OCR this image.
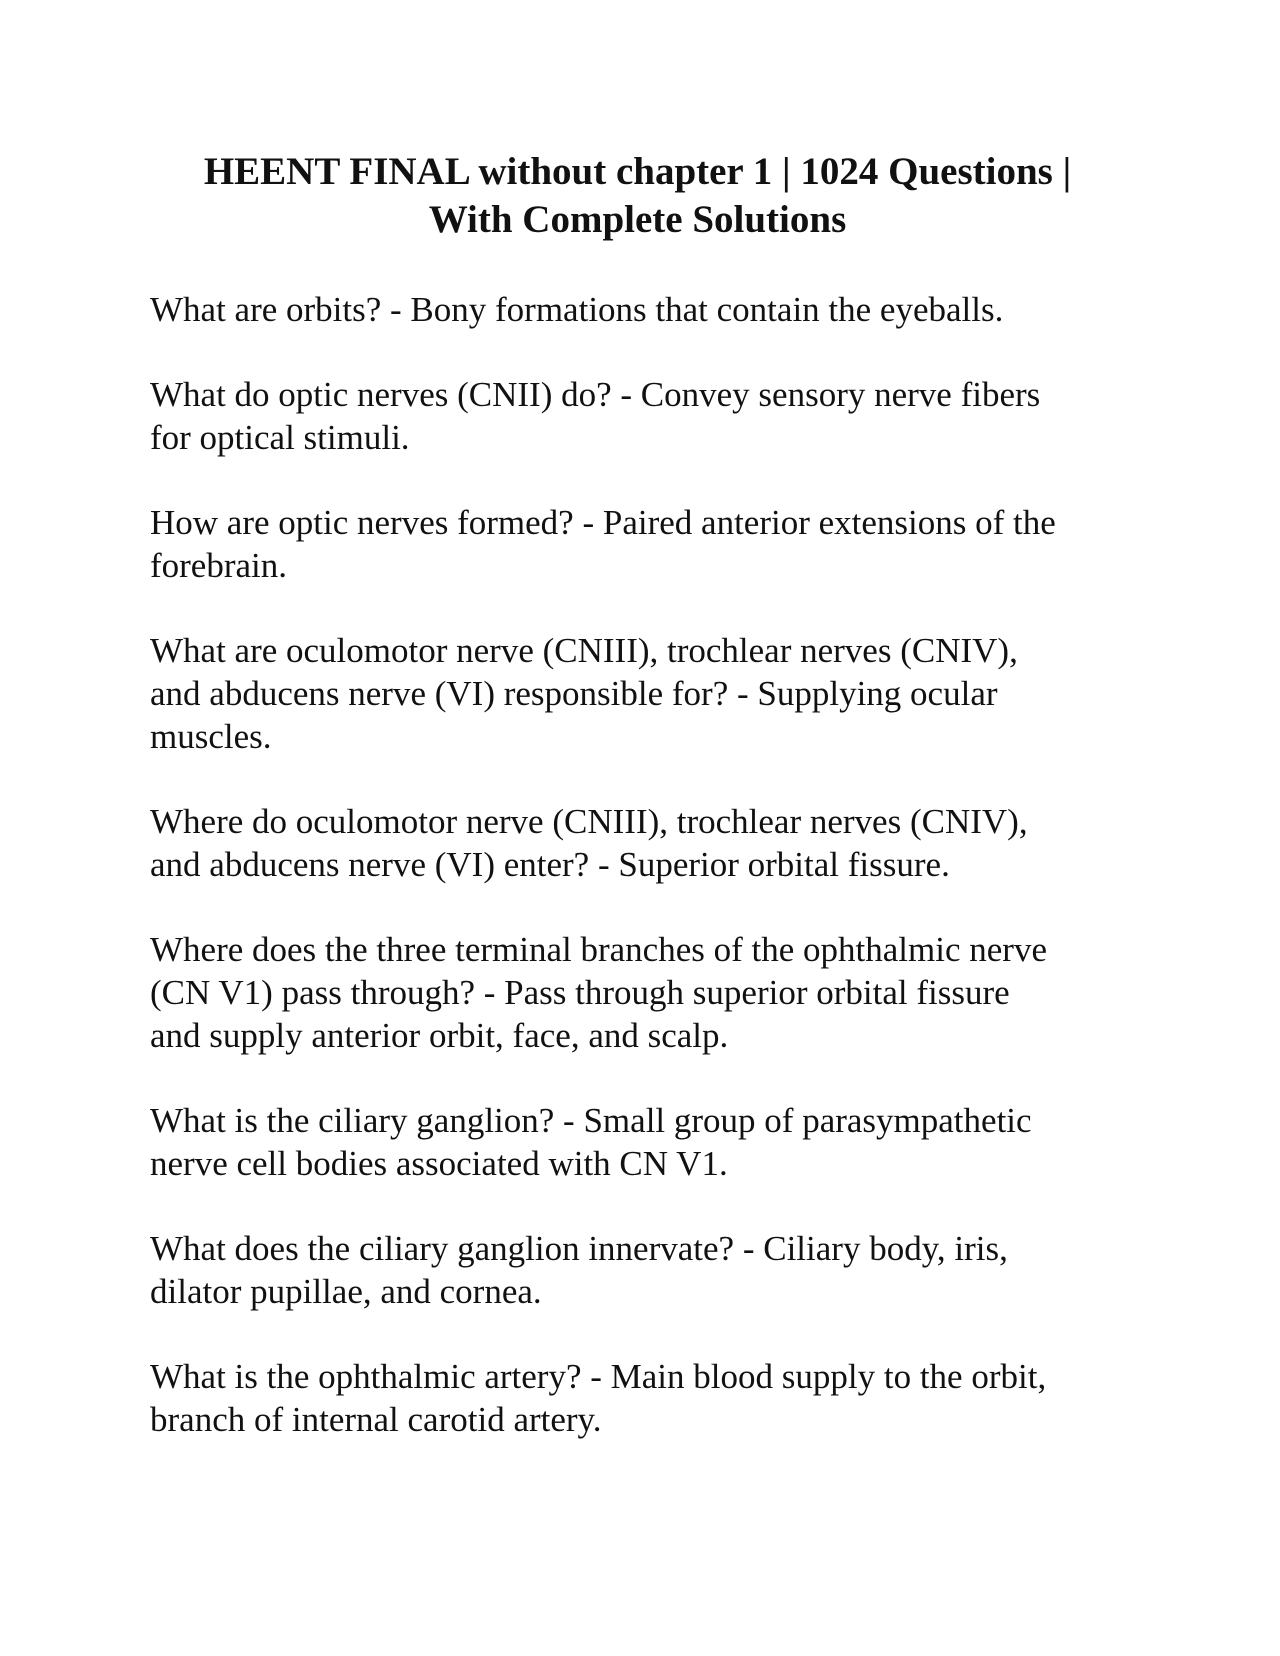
HEENT FINAL without chapter 1 | 1024 Questions |
With Complete Solutions

What are orbits? - Bony formations that contain the eyeballs.

What do optic nerves (CNII) do? - Convey sensory nerve fibers
for optical stimuli.

How are optic nerves formed? - Paired anterior extensions of the
forebrain.

What are oculomotor nerve (CNIII), trochlear nerves (CNIV),
and abducens nerve (VI) responsible for? - Supplying ocular
muscles.

Where do oculomotor nerve (CNIII), trochlear nerves (CNIV),
and abducens nerve (VI) enter? - Superior orbital fissure.

Where does the three terminal branches of the ophthalmic nerve
(CN V1) pass through? - Pass through superior orbital fissure
and supply anterior orbit, face, and scalp.

What is the ciliary ganglion? - Small group of parasympathetic
nerve cell bodies associated with CN V1.

What does the ciliary ganglion innervate? - Ciliary body, iris,
dilator pupillae, and cornea.

What is the ophthalmic artery? - Main blood supply to the orbit,
branch of internal carotid artery.
